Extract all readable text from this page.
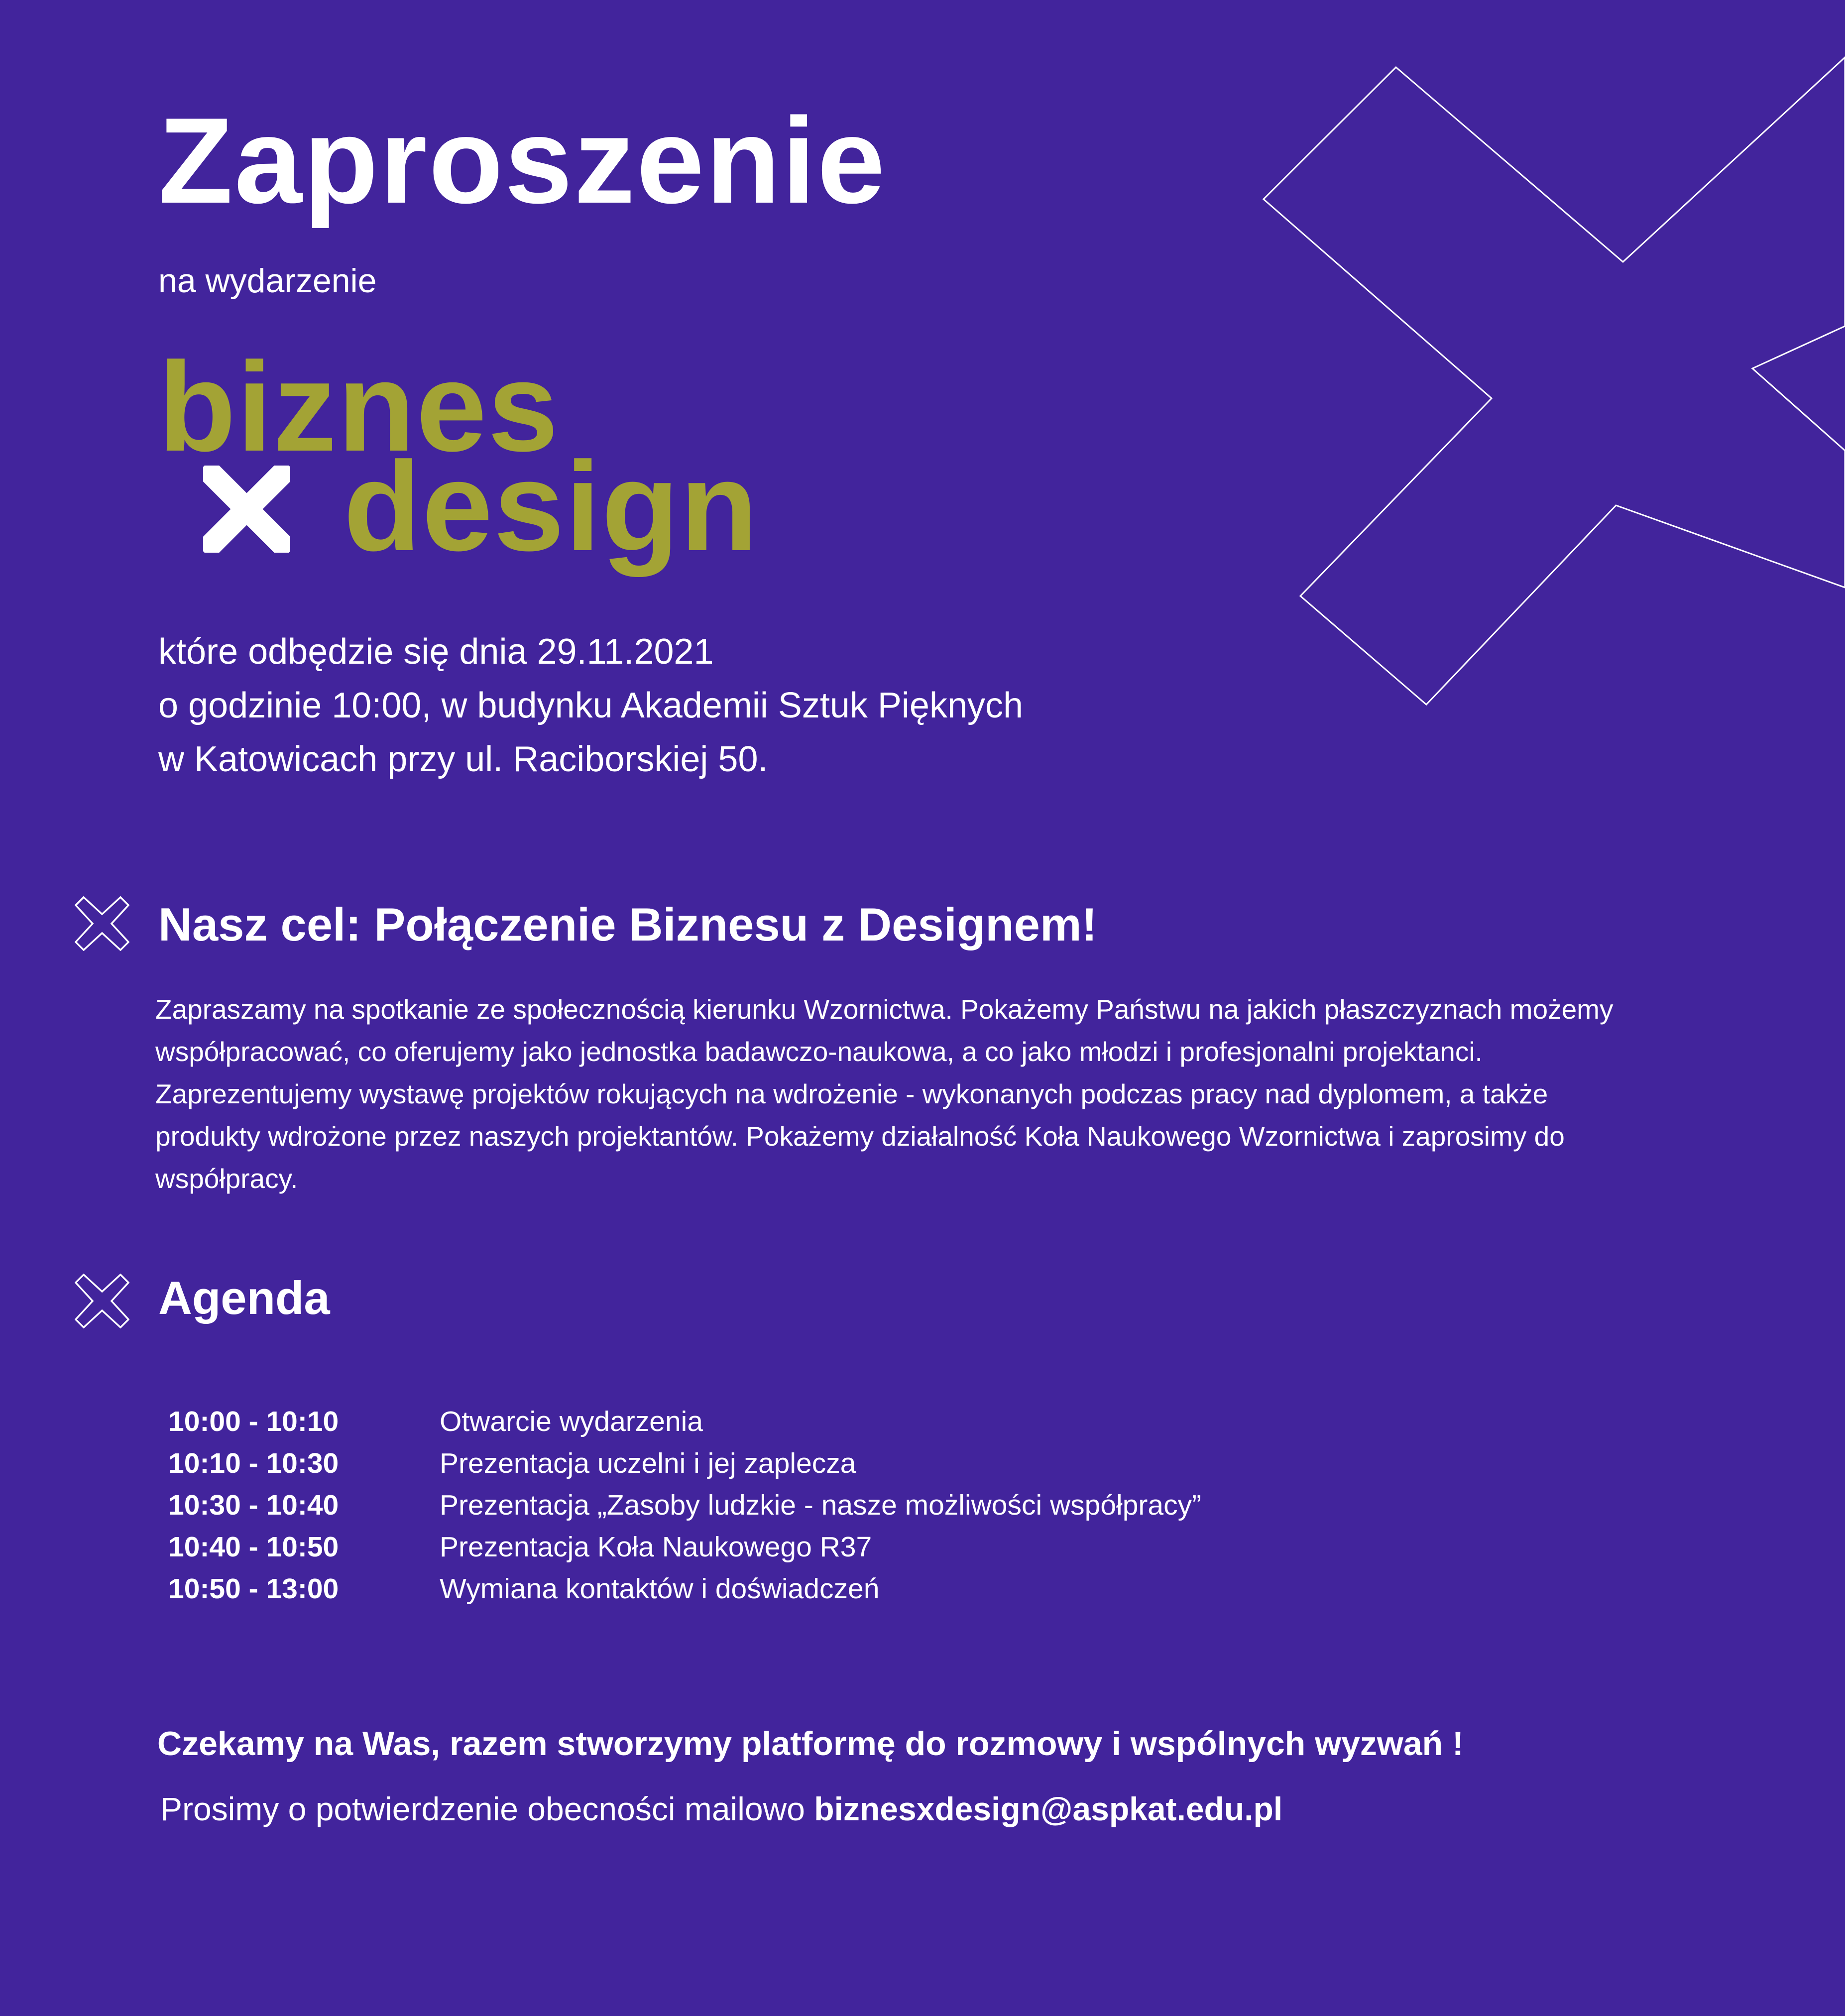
Zaproszenie
na wydarzenie
biznes
design
które odbędzie się dnia 29.11.2021
o godzinie 10:00, w budynku Akademii Sztuk Pięknych
w Katowicach przy ul. Raciborskiej 50.
Nasz cel: Połączenie Biznesu z Designem!
Zapraszamy na spotkanie ze społecznością kierunku Wzornictwa. Pokażemy Państwu na jakich płaszczyznach możemy współpracować, co oferujemy jako jednostka badawczo-naukowa, a co jako młodzi i profesjonalni projektanci. Zaprezentujemy wystawę projektów rokujących na wdrożenie - wykonanych podczas pracy nad dyplomem, a także produkty wdrożone przez naszych projektantów. Pokażemy działalność Koła Naukowego Wzornictwa i zaprosimy do współpracy.
Agenda
10:00 - 10:10	Otwarcie wydarzenia
10:10 - 10:30	Prezentacja uczelni i jej zaplecza
10:30 - 10:40	Prezentacja „Zasoby ludzkie - nasze możliwości współpracy”
10:40 - 10:50	Prezentacja Koła Naukowego R37
10:50 - 13:00	Wymiana kontaktów i doświadczeń
Czekamy na Was, razem stworzymy platformę do rozmowy i wspólnych wyzwań !
Prosimy o potwierdzenie obecności mailowo biznesxdesign@aspkat.edu.pl
